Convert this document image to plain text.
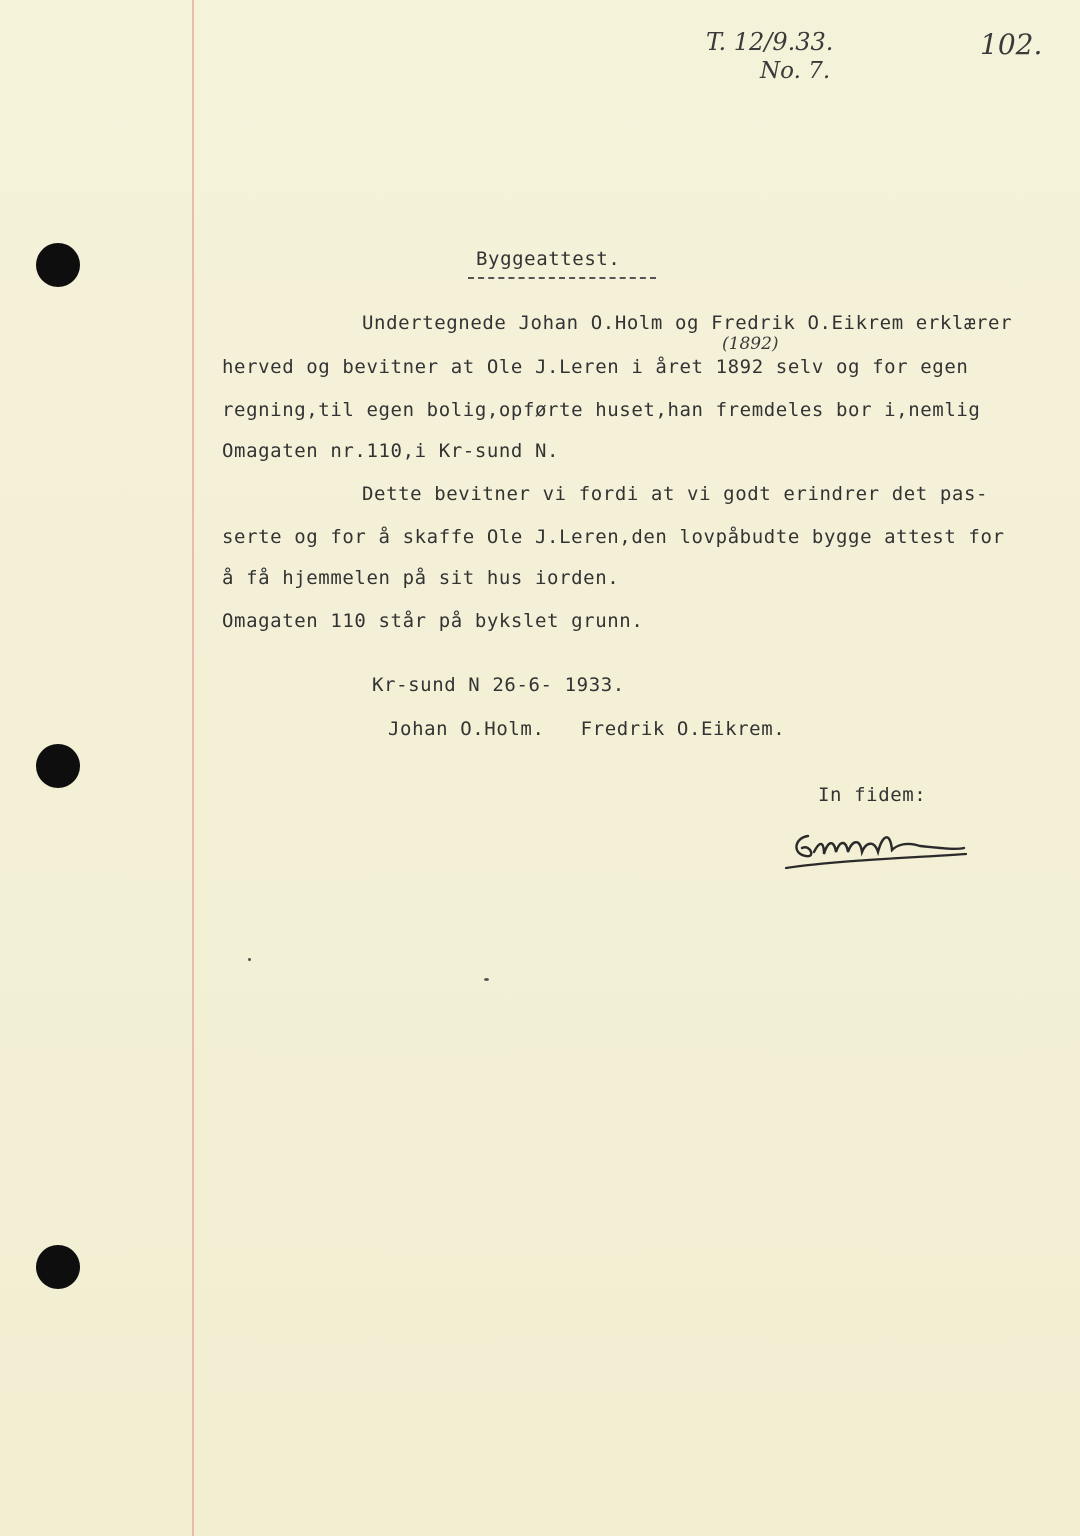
T. 12/9.33.
No. 7.
102.
Byggeattest.
(1892)
Undertegnede Johan O.Holm og Fredrik O.Eikrem erklærer
herved og bevitner at Ole J.Leren i året 1892 selv og for egen
regning,til egen bolig,opførte huset,han fremdeles bor i,nemlig
Omagaten nr.110,i Kr-sund N.
Dette bevitner vi fordi at vi godt erindrer det pas-
serte og for å skaffe Ole J.Leren,den lovpåbudte bygge attest for
å få hjemmelen på sit hus iorden.
Omagaten 110 står på bykslet grunn.
Kr-sund N 26-6- 1933.
Johan O.Holm.   Fredrik O.Eikrem.
In fidem:
